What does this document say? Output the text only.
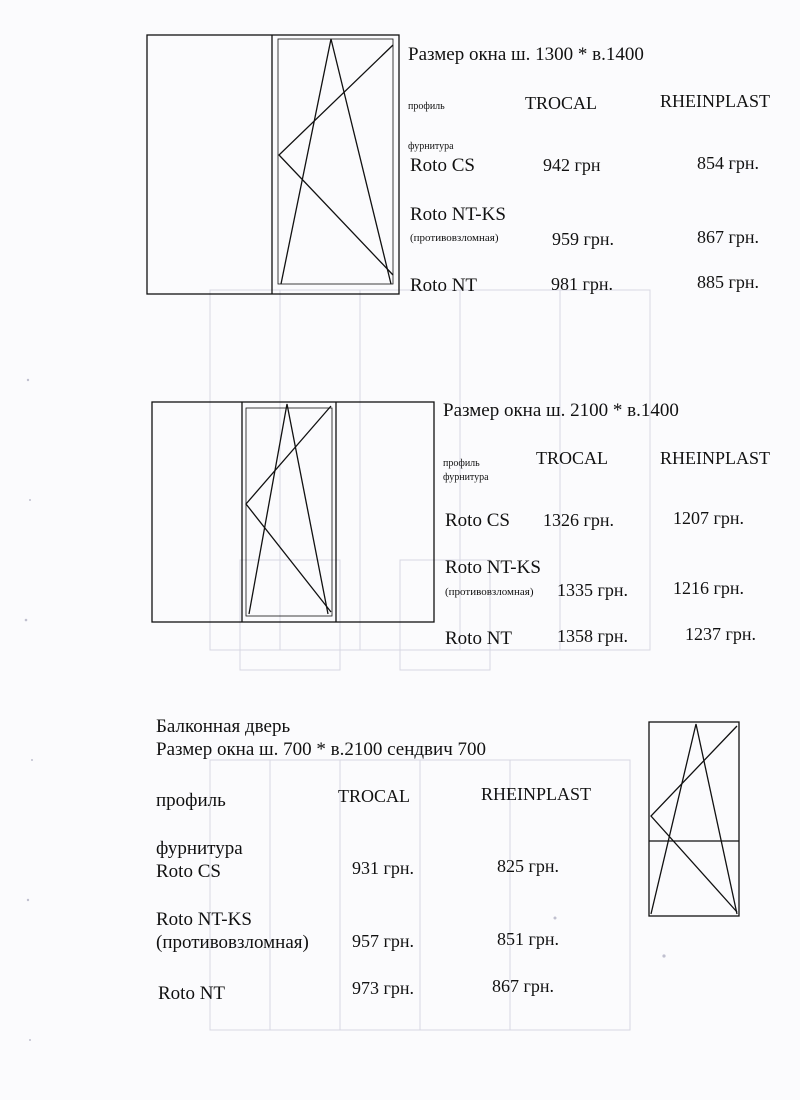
Размер окна ш. 1300 * в.1400
профиль	TROCAL	RHEINPLAST
фурнитура
Roto CS	942 грн	854 грн.
Roto NT-KS
(противовзломная)	959 грн.	867 грн.
Roto NT	981 грн.	885 грн.
Размер окна ш. 2100 * в.1400
профиль	TROCAL	RHEINPLAST
фурнитура
Roto CS 1326 грн.	1207 грн.
Roto NT-KS
(противовзломная) 1335 грн. 1216 грн.
Roto NT 1358 грн.	1237 грн.
Балконная дверь
Размер окна ш. 700 * в.2100 сендвич 700
профиль	TROCAL	RHEINPLAST
фурнитура
Roto CS	931 грн.	825 грн.
Roto NT-KS
(противовзломная) 957 грн.	851 грн.
Roto NT	973 грн.	867 грн.
